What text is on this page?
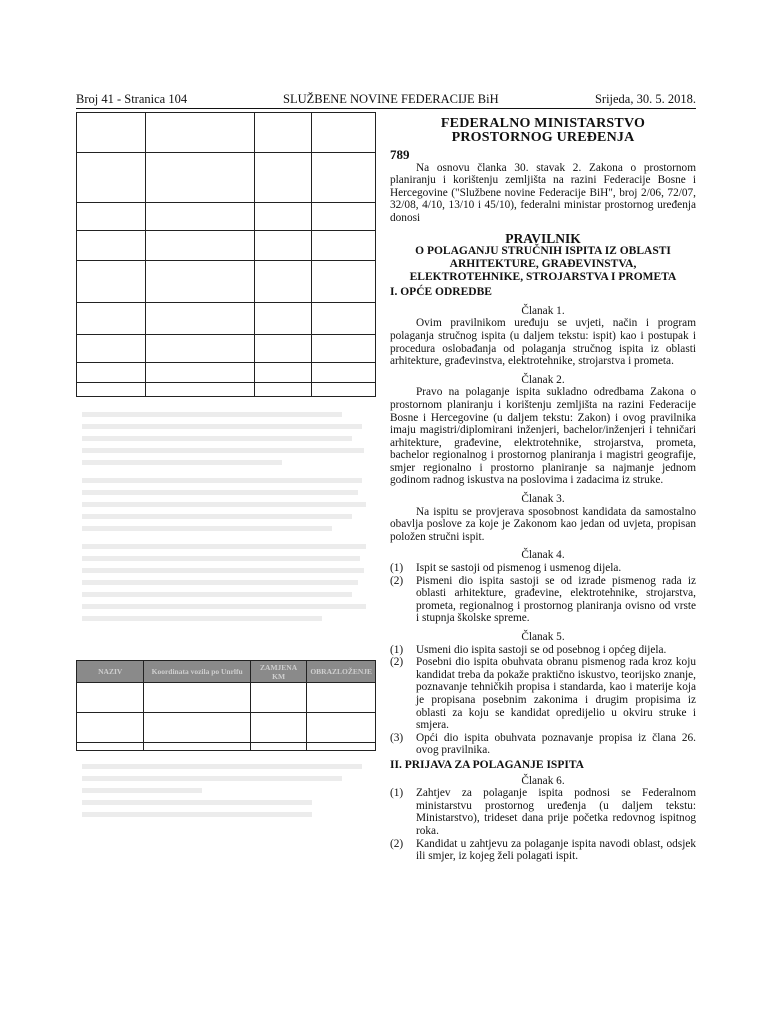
Broj 41 - Stranica 104	SLUŽBENE NOVINE FEDERACIJE BiH	Srijeda, 30. 5. 2018.

NAZIV	Koordinata vozila po Unrlfu	ZAMJENA KM	OBRAZLOŽENJE

FEDERALNO MINISTARSTVO
PROSTORNOG UREĐENJA
789

Na osnovu članka 30. stavak 2. Zakona o prostornom planiranju i korištenju zemljišta na razini Federacije Bosne i Hercegovine ("Službene novine Federacije BiH", broj 2/06, 72/07, 32/08, 4/10, 13/10 i 45/10), federalni ministar prostornog uređenja donosi

PRAVILNIK
O POLAGANJU STRUČNIH ISPITA IZ OBLASTI
ARHITEKTURE, GRAĐEVINSTVA,
ELEKTROTEHNIKE, STROJARSTVA I PROMETA
I. OPĆE ODREDBE
Članak 1.

Ovim pravilnikom uređuju se uvjeti, način i program polaganja stručnog ispita (u daljem tekstu: ispit) kao i postupak i procedura oslobađanja od polaganja stručnog ispita iz oblasti arhitekture, građevinstva, elektrotehnike, strojarstva i prometa.

Članak 2.

Pravo na polaganje ispita sukladno odredbama Zakona o prostornom planiranju i korištenju zemljišta na razini Federacije Bosne i Hercegovine (u daljem tekstu: Zakon) i ovog pravilnika imaju magistri/diplomirani inženjeri, bachelor/inženjeri i tehničari arhitekture, građevine, elektrotehnike, strojarstva, prometa, bachelor regionalnog i prostornog planiranja i magistri geografije, smjer regionalno i prostorno planiranje sa najmanje jednom godinom radnog iskustva na poslovima i zadacima iz struke.

Članak 3.

Na ispitu se provjerava sposobnost kandidata da samostalno obavlja poslove za koje je Zakonom kao jedan od uvjeta, propisan položen stručni ispit.

Članak 4.
(1)	Ispit se sastoji od pismenog i usmenog dijela.
(2)	Pismeni dio ispita sastoji se od izrade pismenog rada iz oblasti arhitekture, građevine, elektrotehnike, strojarstva, prometa, regionalnog i prostornog planiranja ovisno od vrste i stupnja školske spreme.
Članak 5.
(1)	Usmeni dio ispita sastoji se od posebnog i općeg dijela.
(2)	Posebni dio ispita obuhvata obranu pismenog rada kroz koju kandidat treba da pokaže praktično iskustvo, teorijsko znanje, poznavanje tehničkih propisa i standarda, kao i materije koja je propisana posebnim zakonima i drugim propisima iz oblasti za koju se kandidat opredijelio u okviru struke i smjera.
(3)	Opći dio ispita obuhvata poznavanje propisa iz člana 26. ovog pravilnika.
II. PRIJAVA ZA POLAGANJE ISPITA
Članak 6.
(1)	Zahtjev za polaganje ispita podnosi se Federalnom ministarstvu prostornog uređenja (u daljem tekstu: Ministarstvo), trideset dana prije početka redovnog ispitnog roka.
(2)	Kandidat u zahtjevu za polaganje ispita navodi oblast, odsjek ili smjer, iz kojeg želi polagati ispit.
